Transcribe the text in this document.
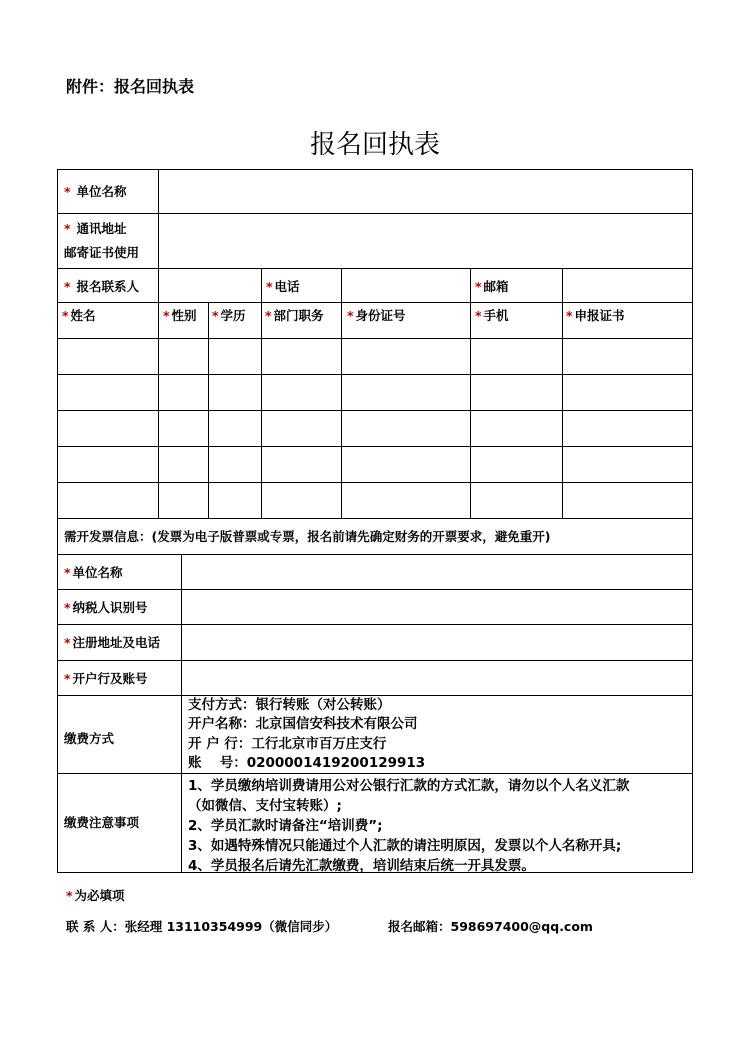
附件：报名回执表
报名回执表
* 单位名称
* 通讯地址
邮寄证书使用
* 报名联系人	* 电话	* 邮箱
* 姓名	* 性别 * 学历 * 部门职务 * 身份证号	* 手机	* 申报证书
需开发票信息：(发票为电子版普票或专票，报名前请先确定财务的开票要求，避免重开)
* 单位名称
* 纳税人识别号
* 注册地址及电话
* 开户行及账号
缴费方式
支付方式：银行转账（对公转账）
开户名称：北京国信安科技术有限公司
开 户 行：工行北京市百万庄支行
账　 号：0200001419200129913
缴费注意事项
1、学员缴纳培训费请用公对公银行汇款的方式汇款，请勿以个人名义汇款
（如微信、支付宝转账）;
2、学员汇款时请备注“培训费”;
3、如遇特殊情况只能通过个人汇款的请注明原因，发票以个人名称开具;
4、学员报名后请先汇款缴费，培训结束后统一开具发票。
* 为必填项
联 系 人：张经理 13110354999（微信同步）	报名邮箱：598697400@qq.com
